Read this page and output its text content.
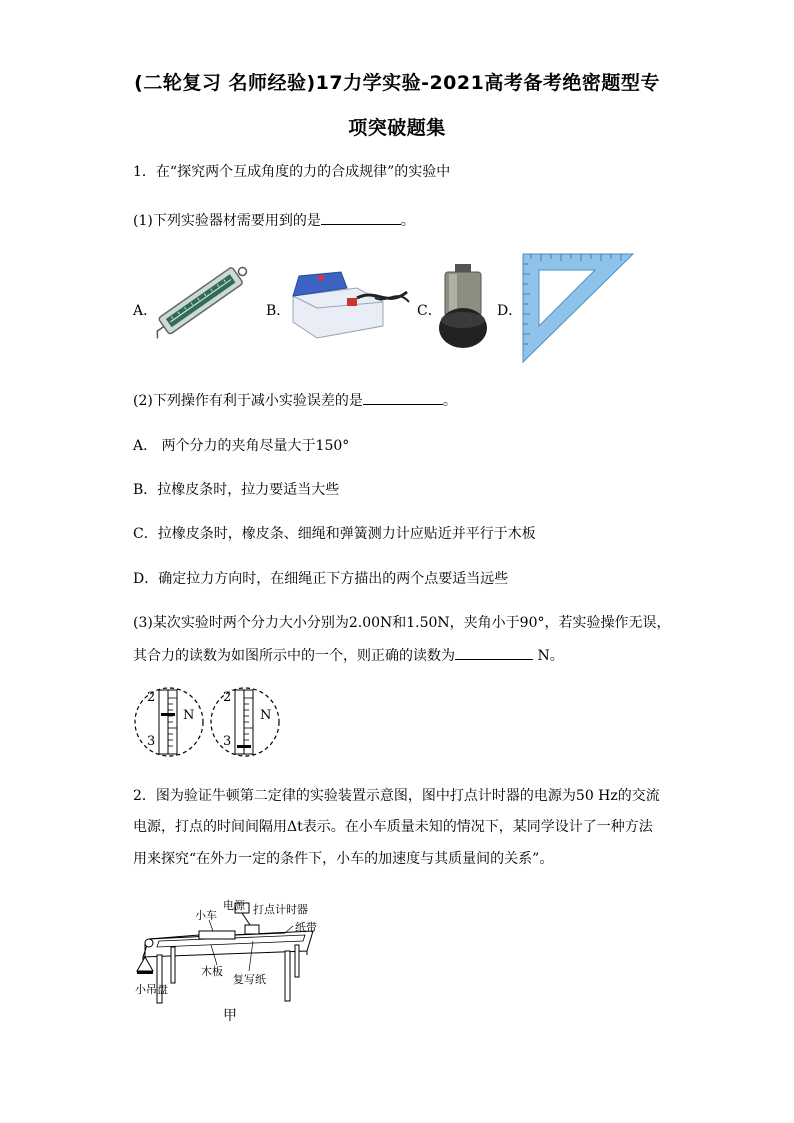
(二轮复习 名师经验)17力学实验-2021高考备考绝密题型专
项突破题集
1．在“探究两个互成角度的力的合成规律”的实验中
(1)下列实验器材需要用到的是	。
A．	B．	C．	D．
(2)下列操作有利于减小实验误差的是	。
A． 两个分力的夹角尽量大于150°
B．拉橡皮条时，拉力要适当大些
C．拉橡皮条时，橡皮条、细绳和弹簧测力计应贴近并平行于木板
D．确定拉力方向时，在细绳正下方描出的两个点要适当远些
(3)某次实验时两个分力大小分别为2.00N和1.50N，夹角小于90°，若实验操作无误，
其合力的读数为如图所示中的一个，则正确的读数为	N。
2
3
N
2
3
N
2．图为验证牛顿第二定律的实验装置示意图，图中打点计时器的电源为50 Hz的交流
电源，打点的时间间隔用Δt表示。在小车质量未知的情况下，某同学设计了一种方法
用来探究“在外力一定的条件下，小车的加速度与其质量间的关系”。
电源 打点计时器
小车
纸带
木板
复写纸
小吊盘
甲
